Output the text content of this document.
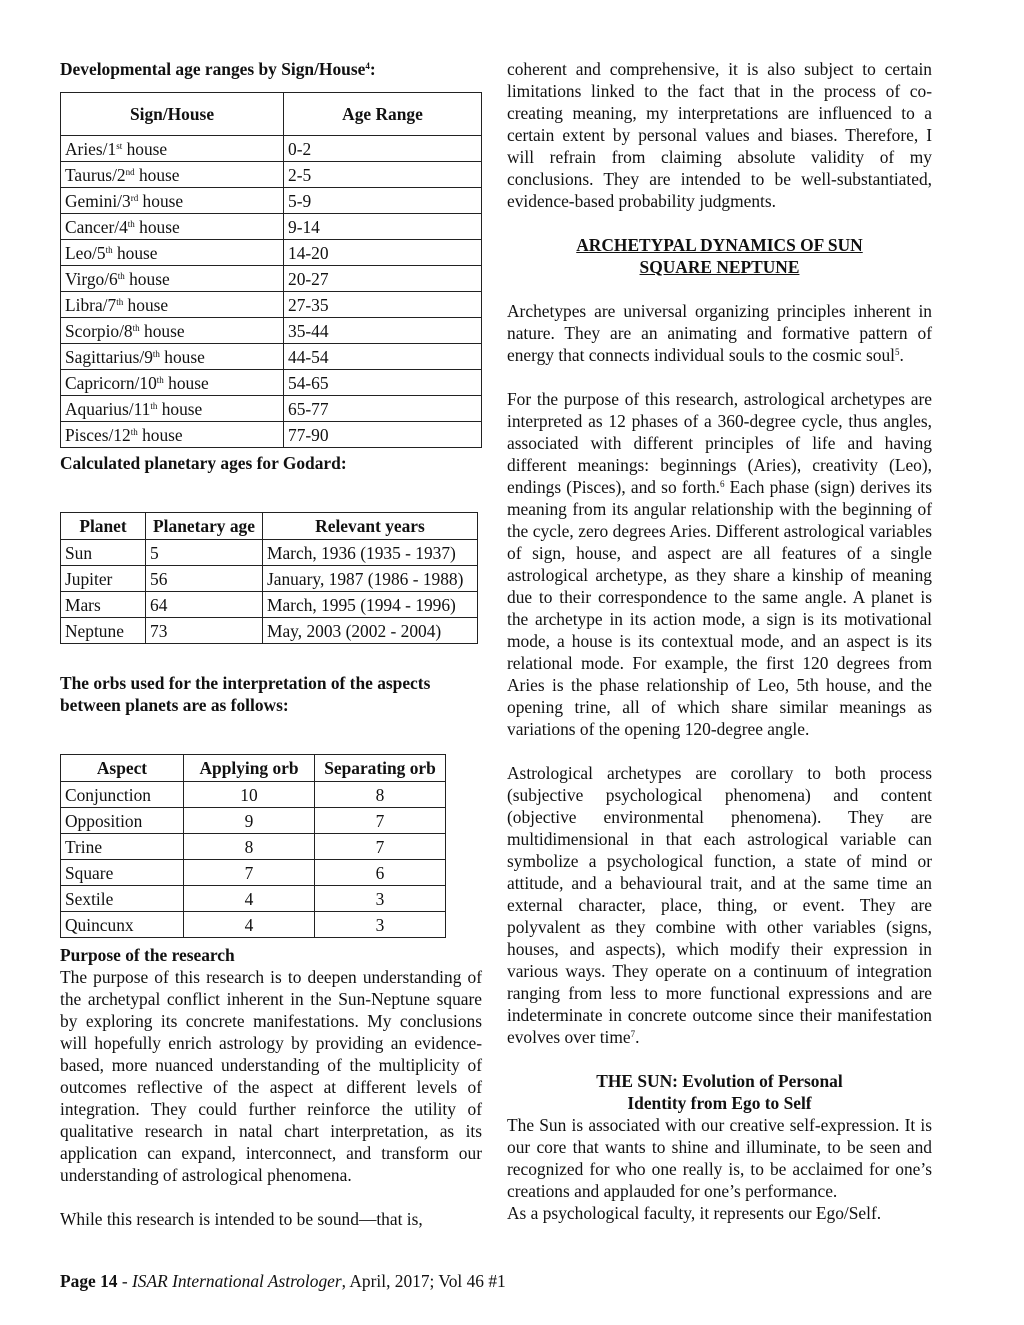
Developmental age ranges by Sign/House$^4$:
Sign/House	Age Range
Aries/1st house	0-2
Taurus/2nd house	2-5
Gemini/3rd house	5-9
Cancer/4th house	9-14
Leo/5th house	14-20
Virgo/6th house	20-27
Libra/7th house	27-35
Scorpio/8th house	35-44
Sagittarius/9th house	44-54
Capricorn/10th house	54-65
Aquarius/11th house	65-77
Pisces/12th house	77-90
Calculated planetary ages for Godard:
Planet	Planetary age	Relevant years
Sun	5	March, 1936 (1935 - 1937)
Jupiter	56	January, 1987 (1986 - 1988)
Mars	64	March, 1995 (1994 - 1996)
Neptune	73	May, 2003 (2002 - 2004)
The orbs used for the interpretation of the aspects between planets are as follows:
Aspect	Applying orb	Separating orb
Conjunction	10	8
Opposition	9	7
Trine	8	7
Square	7	6
Sextile	4	3
Quincunx	4	3
Purpose of the research

The purpose of this research is to deepen understanding of the archetypal conflict inherent in the Sun-Neptune square by exploring its concrete manifestations. My conclusions will hopefully enrich astrology by providing an evidence-based, more nuanced understanding of the multiplicity of outcomes reflective of the aspect at different levels of integration. They could further reinforce the utility of qualitative research in natal chart interpretation, as its application can expand, interconnect, and transform our understanding of astrological phenomena.

While this research is intended to be sound—that is,

coherent and comprehensive, it is also subject to certain limitations linked to the fact that in the process of co-creating meaning, my interpretations are influenced to a certain extent by personal values and biases. Therefore, I will refrain from claiming absolute validity of my conclusions. They are intended to be well-substantiated, evidence-based probability judgments.

ARCHETYPAL DYNAMICS OF SUN
SQUARE NEPTUNE

Archetypes are universal organizing principles inherent in nature. They are an animating and formative pattern of energy that connects individual souls to the cosmic soul$^5$.

For the purpose of this research, astrological archetypes are interpreted as 12 phases of a 360-degree cycle, thus angles, associated with different principles of life and having different meanings: beginnings (Aries), creativity (Leo), endings (Pisces), and so forth.$^6$ Each phase (sign) derives its meaning from its angular relationship with the beginning of the cycle, zero degrees Aries. Different astrological variables of sign, house, and aspect are all features of a single astrological archetype, as they share a kinship of meaning due to their correspondence to the same angle. A planet is the archetype in its action mode, a sign is its motivational mode, a house is its contextual mode, and an aspect is its relational mode. For example, the first 120 degrees from Aries is the phase relationship of Leo, 5th house, and the opening trine, all of which share similar meanings as variations of the opening 120-degree angle.

Astrological archetypes are corollary to both process (subjective psychological phenomena) and content (objective environmental phenomena). They are multidimensional in that each astrological variable can symbolize a psychological function, a state of mind or attitude, and a behavioural trait, and at the same time an external character, place, thing, or event. They are polyvalent as they combine with other variables (signs, houses, and aspects), which modify their expression in various ways. They operate on a continuum of integration ranging from less to more functional expressions and are indeterminate in concrete outcome since their manifestation evolves over time$^7$.

THE SUN: Evolution of Personal
Identity from Ego to Self

The Sun is associated with our creative self-expression. It is our core that wants to shine and illuminate, to be seen and recognized for who one really is, to be acclaimed for one’s creations and applauded for one’s performance.

As a psychological faculty, it represents our Ego/Self.

Page 14 - ISAR International Astrologer, April, 2017; Vol 46 #1
